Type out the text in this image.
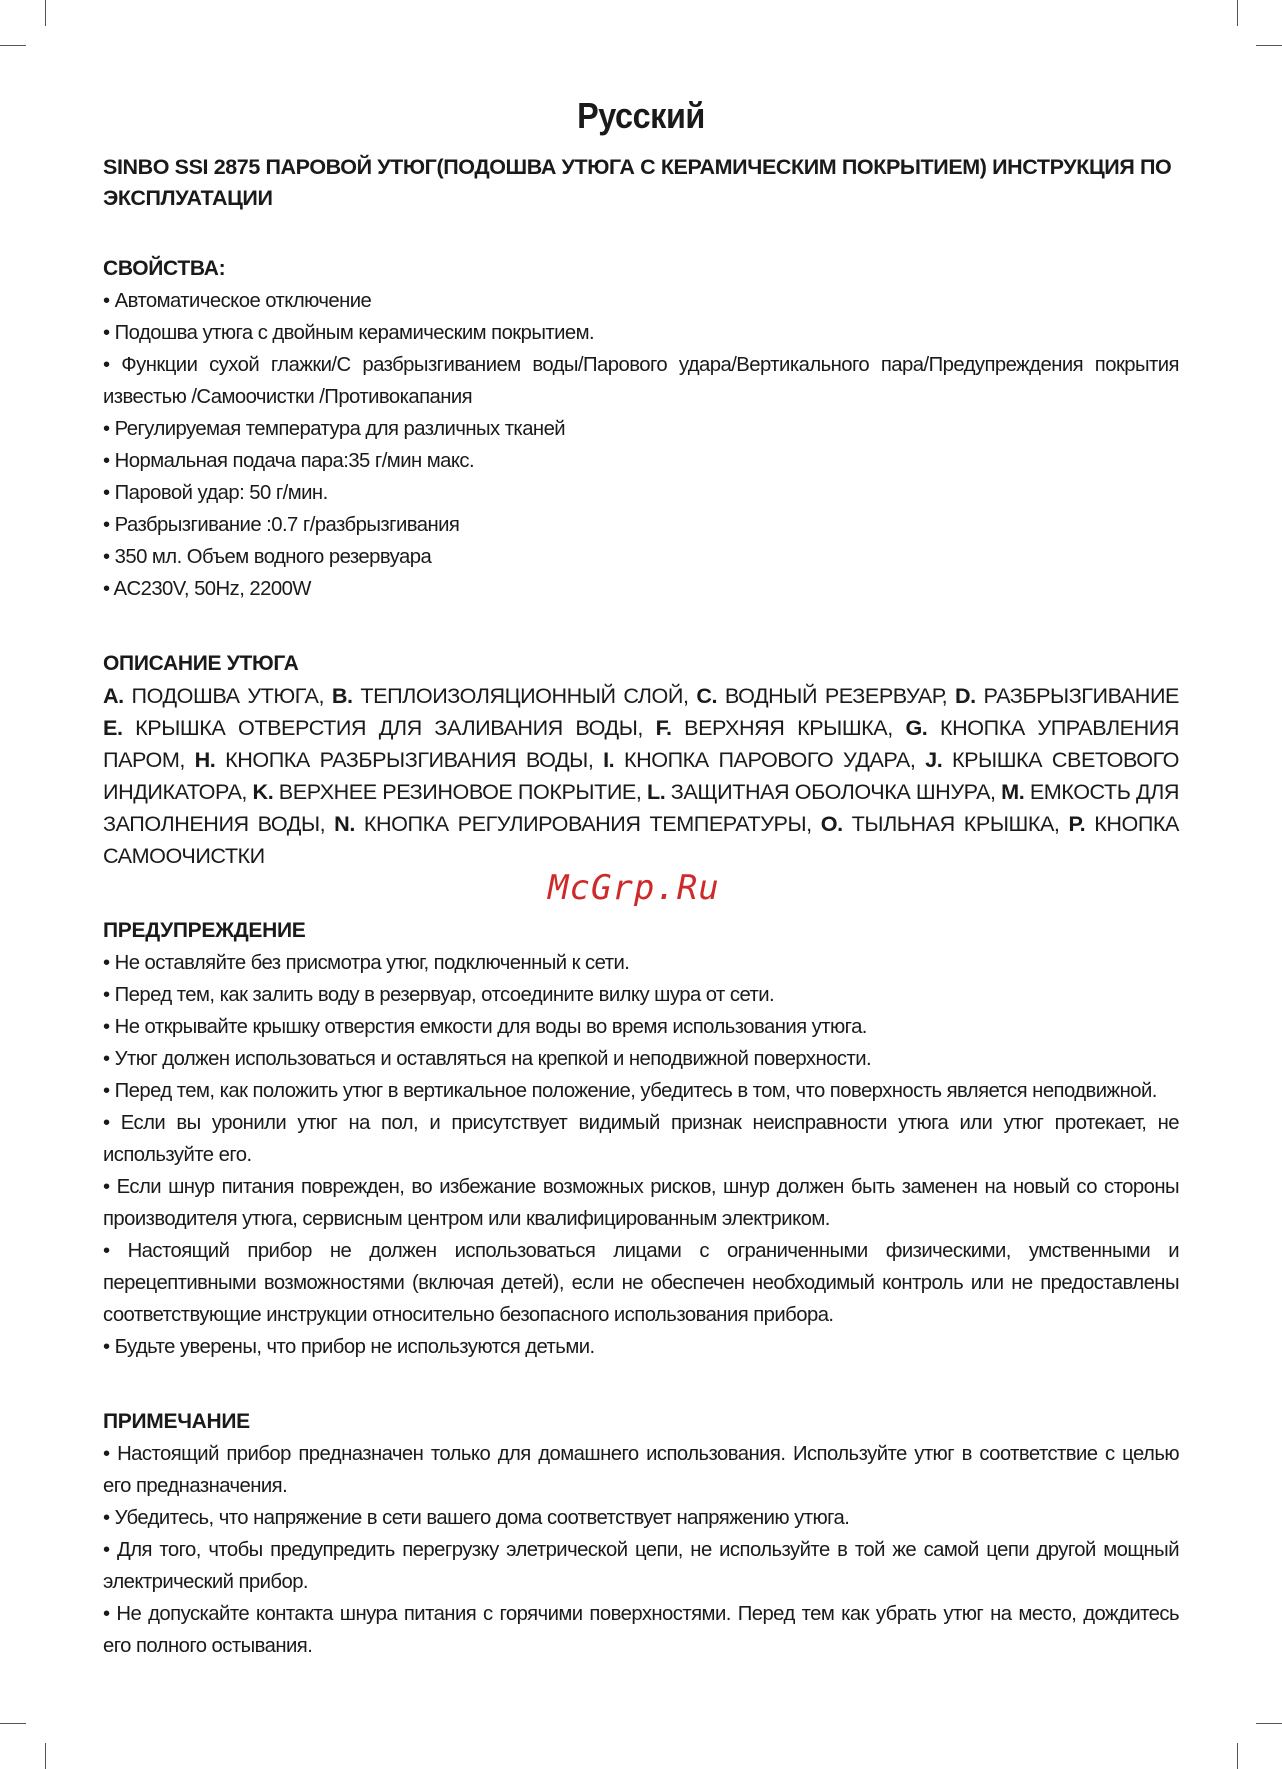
Русский
SINBO SSI 2875 ПАРОВОЙ УТЮГ(ПОДОШВА УТЮГА С КЕРАМИЧЕСКИМ ПОКРЫТИЕМ) ИНСТРУКЦИЯ ПО ЭКСПЛУАТАЦИИ
СВОЙСТВА:
• Автоматическое отключение
• Подошва утюга с двойным керамическим покрытием.
• Функции сухой глажки/С разбрызгиванием воды/Парового удара/Вертикального пара/Предупреждения покрытия известью /Самоочистки /Противокапания
• Регулируемая температура для различных тканей
• Нормальная подача пара:35 г/мин макс.
• Паровой удар: 50 г/мин.
• Разбрызгивание :0.7 г/разбрызгивания
• 350 мл. Объем водного резервуара
• AC230V, 50Hz, 2200W
ОПИСАНИЕ УТЮГА

A. ПОДОШВА УТЮГА, B. ТЕПЛОИЗОЛЯЦИОННЫЙ СЛОЙ, C. ВОДНЫЙ РЕЗЕРВУАР, D. РАЗБРЫЗГИВАНИЕ E. КРЫШКА ОТВЕРСТИЯ ДЛЯ ЗАЛИВАНИЯ ВОДЫ, F. ВЕРХНЯЯ КРЫШКА, G. КНОПКА УПРАВЛЕНИЯ ПАРОМ, H. КНОПКА РАЗБРЫЗГИВАНИЯ ВОДЫ, I. КНОПКА ПАРОВОГО УДАРА, J. КРЫШКА СВЕТОВОГО ИНДИКАТОРА, K. ВЕРХНЕЕ РЕЗИНОВОЕ ПОКРЫТИЕ, L. ЗАЩИТНАЯ ОБОЛОЧКА ШНУРА, M. ЕМКОСТЬ ДЛЯ ЗАПОЛНЕНИЯ ВОДЫ, N. КНОПКА РЕГУЛИРОВАНИЯ ТЕМПЕРАТУРЫ, O. ТЫЛЬНАЯ КРЫШКА, P. КНОПКА САМООЧИСТКИ

ПРЕДУПРЕЖДЕНИЕ
• Не оставляйте без присмотра утюг, подключенный к сети.
• Перед тем, как залить воду в резервуар, отсоедините вилку шура от сети.
• Не открывайте крышку отверстия емкости для воды во время использования утюга.
• Утюг должен использоваться и оставляться на крепкой и неподвижной поверхности.
• Перед тем, как положить утюг в вертикальное положение, убедитесь в том, что поверхность является неподвижной.
• Если вы уронили утюг на пол, и присутствует видимый признак неисправности утюга или утюг протекает, не используйте его.
• Если шнур питания поврежден, во избежание возможных рисков, шнур должен быть заменен на новый со стороны производителя утюга, сервисным центром или квалифицированным электриком.
• Настоящий прибор не должен использоваться лицами с ограниченными физическими, умственными и перецептивными возможностями (включая детей), если не обеспечен необходимый контроль или не предоставлены соответствующие инструкции относительно безопасного использования прибора.
• Будьте уверены, что прибор не используются детьми.
ПРИМЕЧАНИЕ
• Настоящий прибор предназначен только для домашнего использования. Используйте утюг в соответствие с целью его предназначения.
• Убедитесь, что напряжение в сети вашего дома соответствует напряжению утюга.
• Для того, чтобы предупредить перегрузку элетрической цепи, не используйте в той же самой цепи другой мощный электрический прибор.
• Не допускайте контакта шнура питания с горячими поверхностями. Перед тем как убрать утюг на место, дождитесь его полного остывания.
McGrp.Ru
